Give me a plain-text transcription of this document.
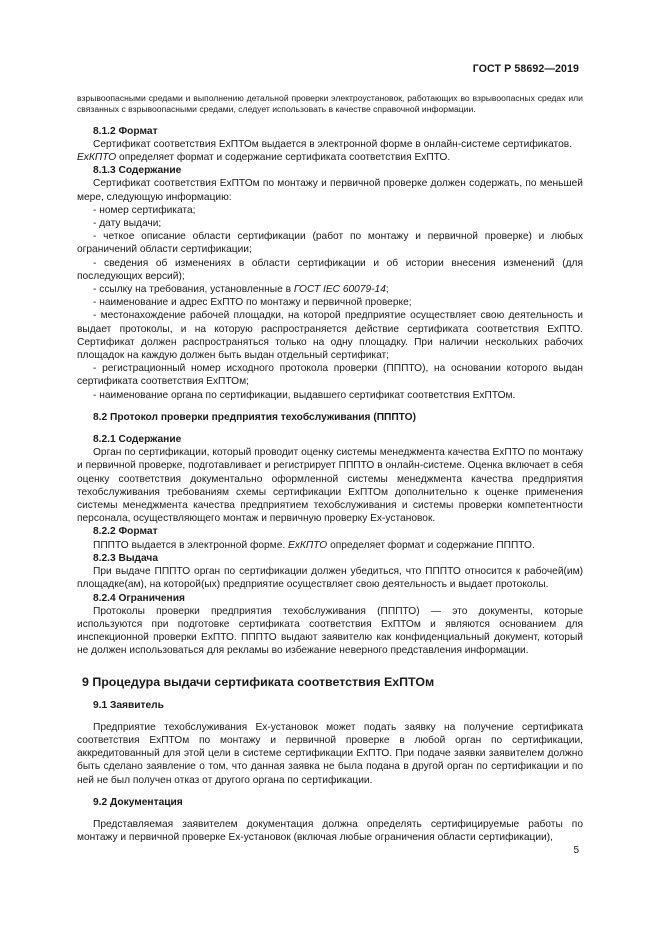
ГОСТ Р 58692—2019

взрывоопасными средами и выполнению детальной проверки электроустановок, работающих во взрывоопасных средах или связанных с взрывоопасными средами, следует использовать в качестве справочной информации.

8.1.2 Формат

Сертификат соответствия ExПТОм выдается в электронной форме в онлайн-системе сертификатов.

ExКПТО определяет формат и содержание сертификата соответствия ExПТО.

8.1.3 Содержание

Сертификат соответствия ExПТОм по монтажу и первичной проверке должен содержать, по меньшей мере, следующую информацию:

- номер сертификата;

- дату выдачи;

- четкое описание области сертификации (работ по монтажу и первичной проверке) и любых ограничений области сертификации;

- сведения об изменениях в области сертификации и об истории внесения изменений (для последующих версий);

- ссылку на требования, установленные в ГОСТ IEC 60079-14;

- наименование и адрес ExПТО по монтажу и первичной проверке;

- местонахождение рабочей площадки, на которой предприятие осуществляет свою деятельность и выдает протоколы, и на которую распространяется действие сертификата соответствия ExПТО. Сертификат должен распространяться только на одну площадку. При наличии нескольких рабочих площадок на каждую должен быть выдан отдельный сертификат;

- регистрационный номер исходного протокола проверки (ПППТО), на основании которого выдан сертификата соответствия ExПТОм;

- наименование органа по сертификации, выдавшего сертификат соответствия ExПТОм.

8.2 Протокол проверки предприятия техобслуживания (ПППТО)

8.2.1 Содержание

Орган по сертификации, который проводит оценку системы менеджмента качества ExПТО по монтажу и первичной проверке, подготавливает и регистрирует ПППТО в онлайн-системе. Оценка включает в себя оценку соответствия документально оформленной системы менеджмента качества предприятия техобслуживания требованиям схемы сертификации ExПТОм дополнительно к оценке применения системы менеджмента качества предприятием техобслуживания и системы проверки компетентности персонала, осуществляющего монтаж и первичную проверку Ex-установок.

8.2.2 Формат

ПППТО выдается в электронной форме. ExКПТО определяет формат и содержание ПППТО.

8.2.3 Выдача

При выдаче ПППТО орган по сертификации должен убедиться, что ПППТО относится к рабочей(им) площадке(ам), на которой(ых) предприятие осуществляет свою деятельность и выдает протоколы.

8.2.4 Ограничения

Протоколы проверки предприятия техобслуживания (ПППТО) — это документы, которые используются при подготовке сертификата соответствия ExПТОм и являются основанием для инспекционной проверки ExПТО. ПППТО выдают заявителю как конфиденциальный документ, который не должен использоваться для рекламы во избежание неверного представления информации.

9 Процедура выдачи сертификата соответствия ExПТОм

9.1 Заявитель

Предприятие техобслуживания Ex-установок может подать заявку на получение сертификата соответствия ExПТОм по монтажу и первичной проверке в любой орган по сертификации, аккредитованный для этой цели в системе сертификации ExПТО. При подаче заявки заявителем должно быть сделано заявление о том, что данная заявка не была подана в другой орган по сертификации и по ней не был получен отказ от другого органа по сертификации.

9.2 Документация

Представляемая заявителем документация должна определять сертифицируемые работы по монтажу и первичной проверке Ex-установок (включая любые ограничения области сертификации),

5
